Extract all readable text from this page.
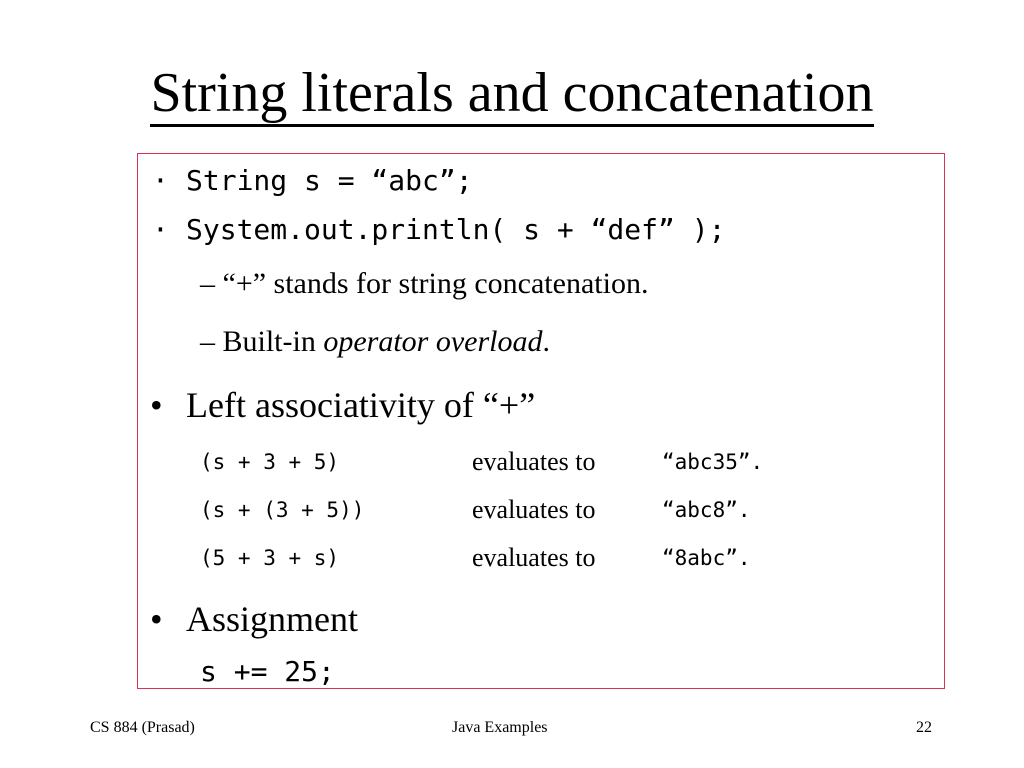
String literals and concatenation
· String s = “abc”;
· System.out.println( s + “def” );
– “+” stands for string concatenation.
– Built-in operator overload.
• Left associativity of “+”
(s + 3 + 5)	evaluates to	“abc35”.
(s + (3 + 5))	evaluates to	“abc8”.
(5 + 3 + s)	evaluates to	“8abc”.
• Assignment
s += 25;
CS 884 (Prasad)	Java Examples	22
